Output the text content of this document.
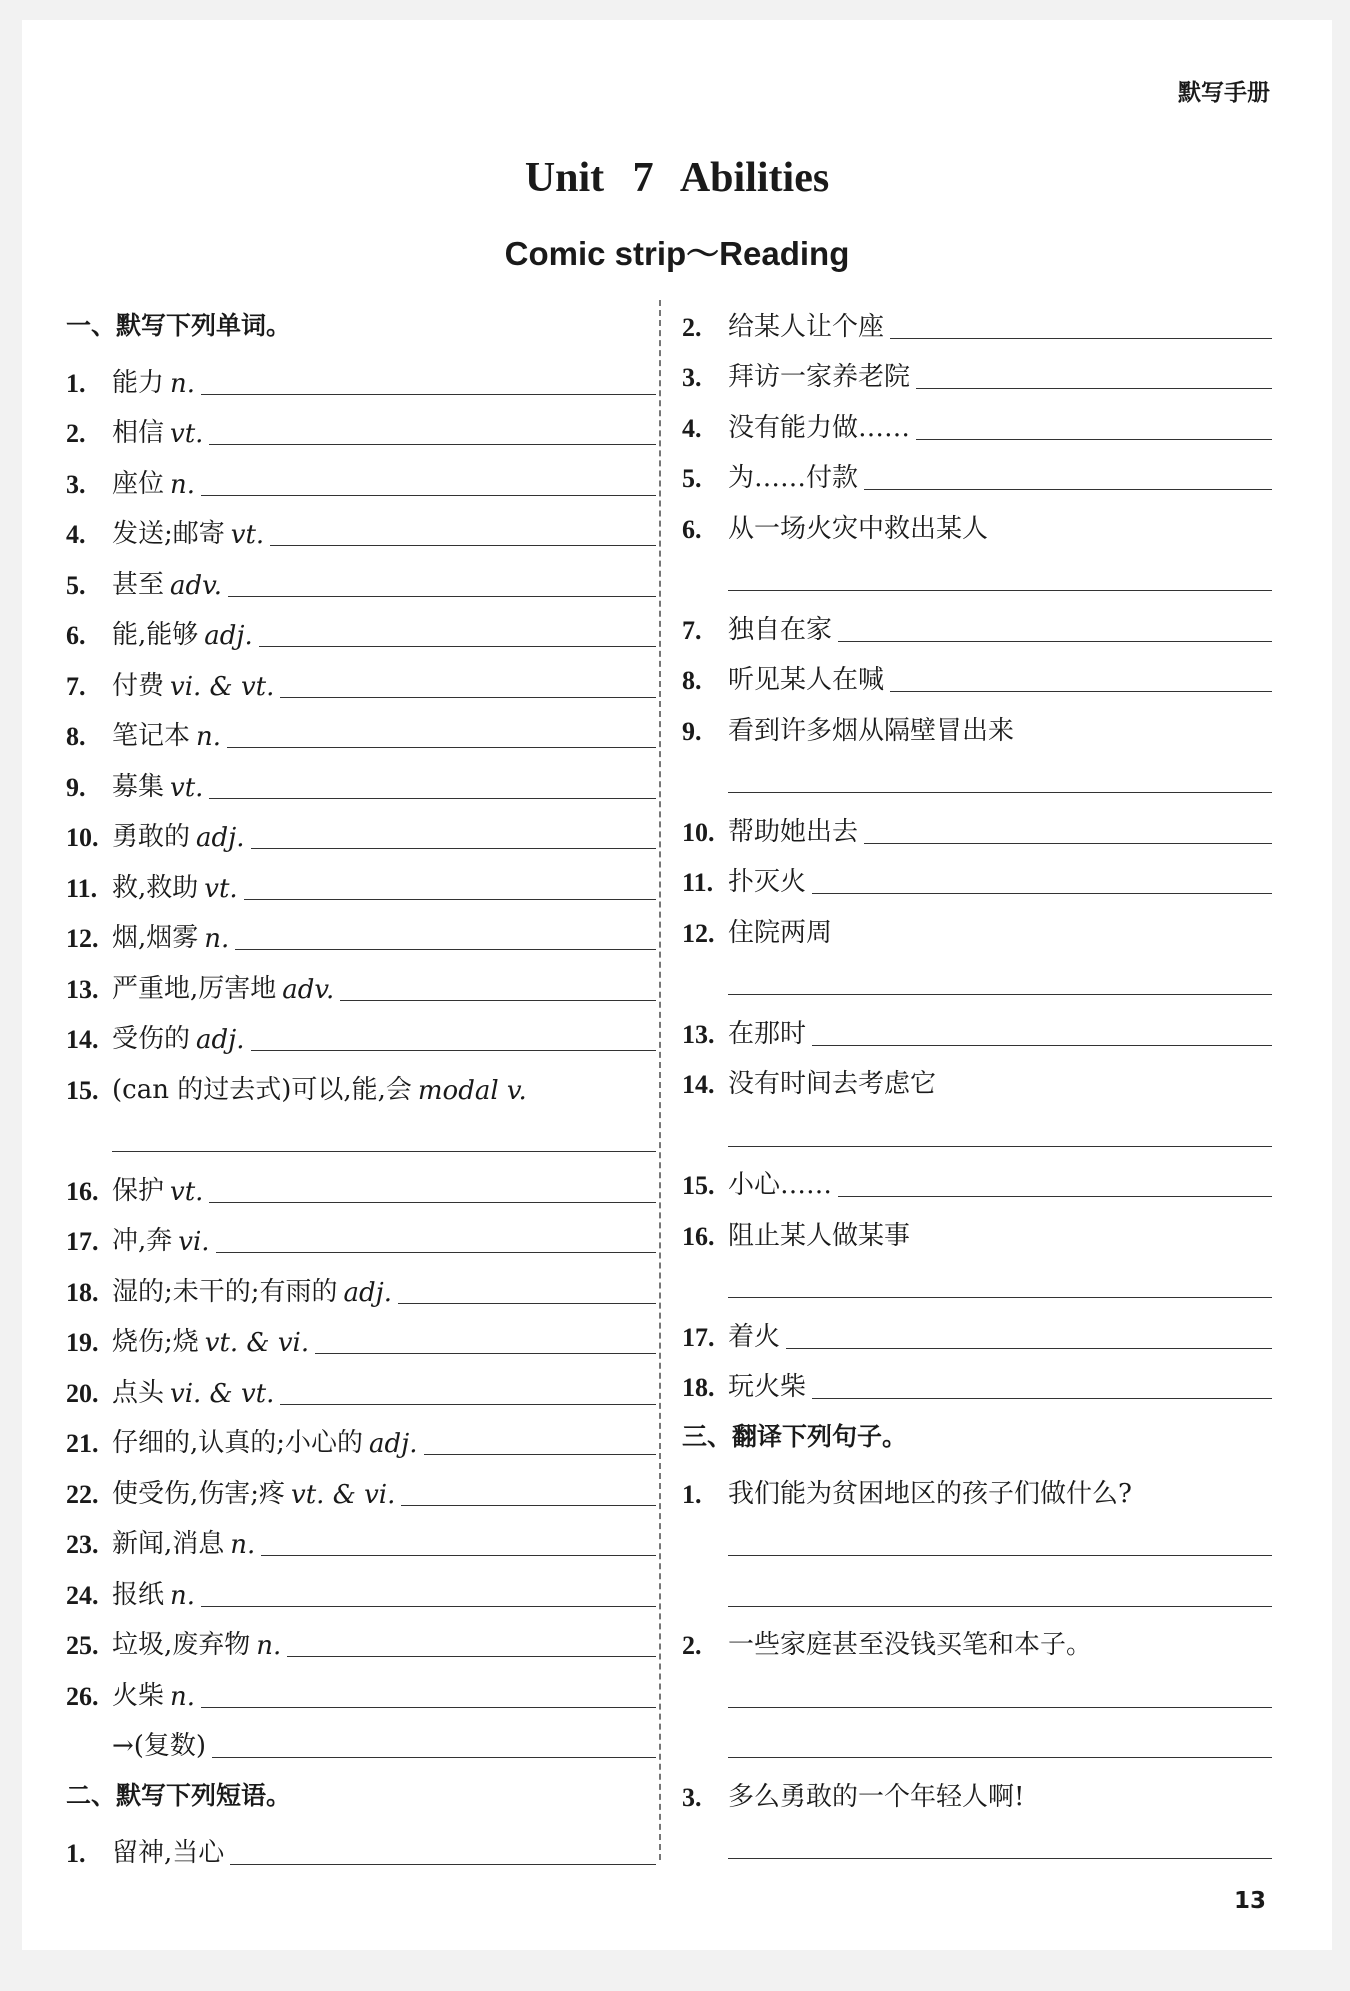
默写手册
Unit 7 Abilities
Comic strip～Reading
一、默写下列单词。
1.	能力 n.
2.	相信 vt.
3.	座位 n.
4.	发送;邮寄 vt.
5.	甚至 adv.
6.	能,能够 adj.
7.	付费 vi. & vt.
8.	笔记本 n.
9.	募集 vt.
10. 勇敢的 adj.
11. 救,救助 vt.
12. 烟,烟雾 n.
13. 严重地,厉害地 adv.
14. 受伤的 adj.
15. (can 的过去式)可以,能,会 modal v.
16. 保护 vt.
17. 冲,奔 vi.
18. 湿的;未干的;有雨的 adj.
19. 烧伤;烧 vt. & vi.
20. 点头 vi. & vt.
21. 仔细的,认真的;小心的 adj.
22. 使受伤,伤害;疼 vt. & vi.
23. 新闻,消息 n.
24. 报纸 n.
25. 垃圾,废弃物 n.
26. 火柴 n.
→(复数)
二、默写下列短语。
1.	留神,当心
2.	给某人让个座
3.	拜访一家养老院
4.	没有能力做……
5.	为……付款
6.	从一场火灾中救出某人
7.	独自在家
8.	听见某人在喊
9.	看到许多烟从隔壁冒出来
10. 帮助她出去
11. 扑灭火
12. 住院两周
13. 在那时
14. 没有时间去考虑它
15. 小心……
16. 阻止某人做某事
17. 着火
18. 玩火柴
三、翻译下列句子。
1.	我们能为贫困地区的孩子们做什么?
2.	一些家庭甚至没钱买笔和本子。
3.	多么勇敢的一个年轻人啊!
13
